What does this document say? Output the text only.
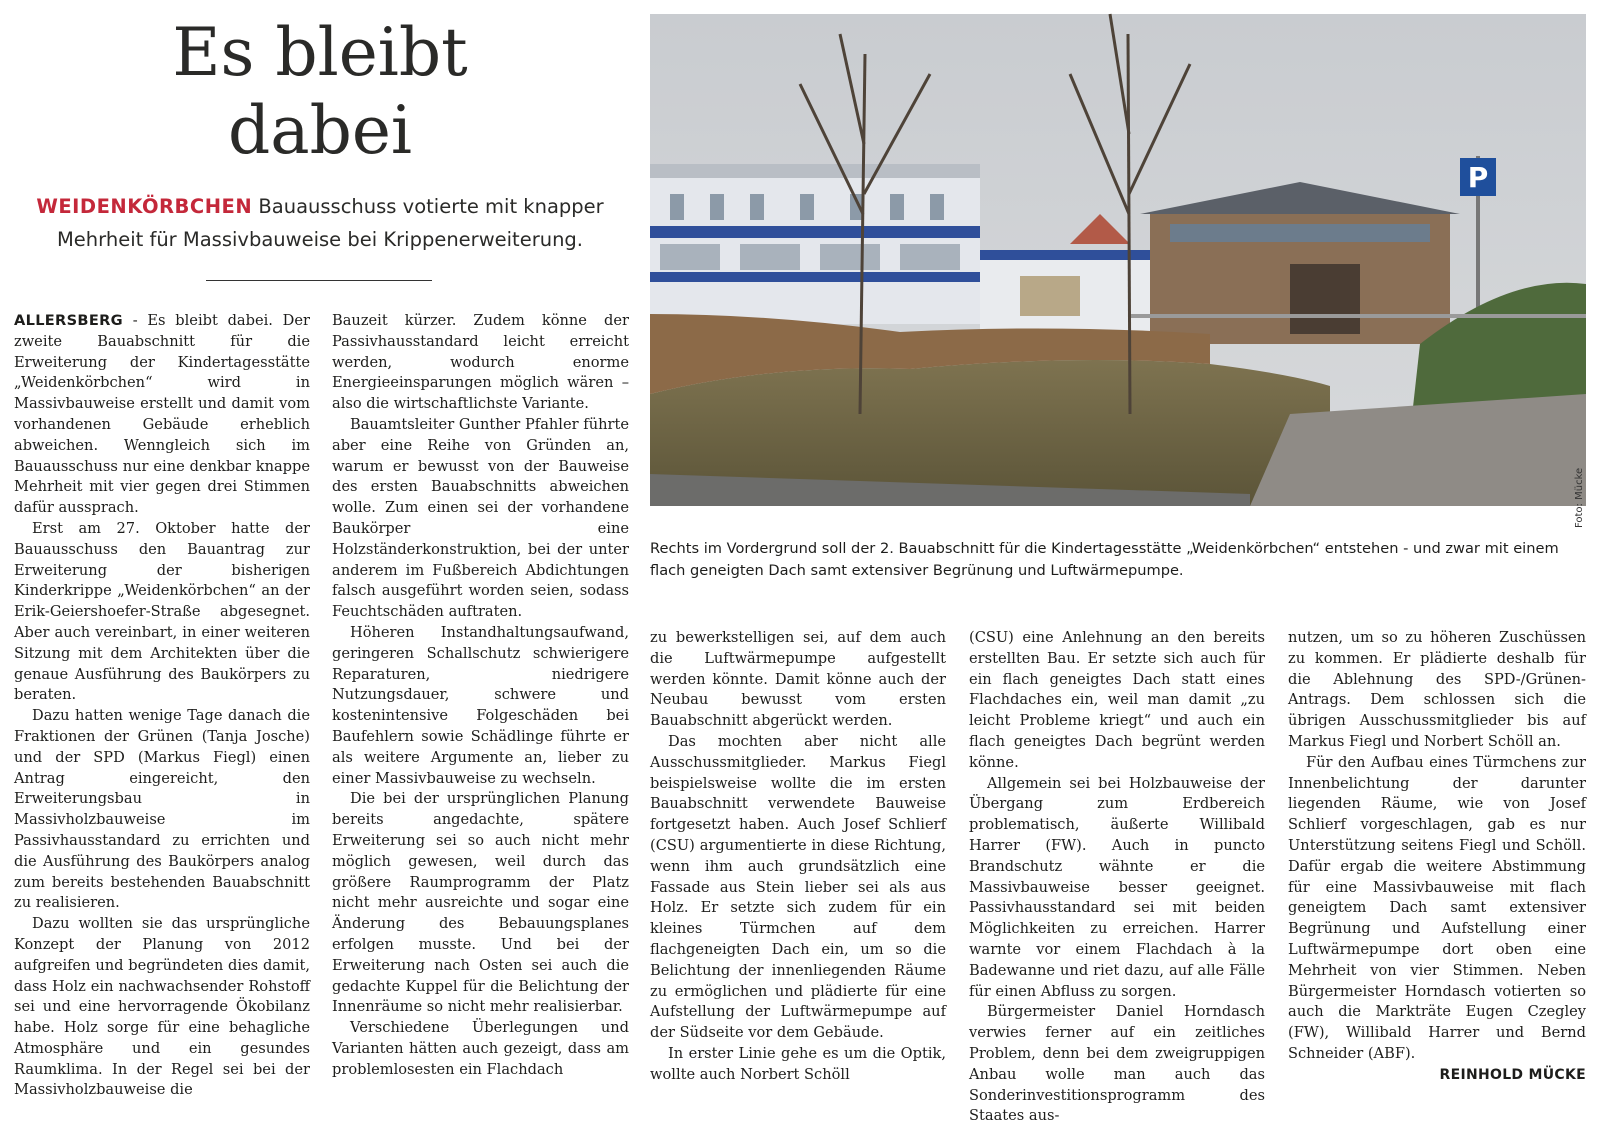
Es bleibt
dabei
WEIDENKÖRBCHEN Bauausschuss votierte mit knapper Mehrheit für Massivbauweise bei Krippenerweiterung.
P
Foto: Mücke

Rechts im Vordergrund soll der 2. Bauabschnitt für die Kindertagesstätte „Weidenkörbchen“ entstehen - und zwar mit einem flach geneigten Dach samt extensiver Begrünung und Luftwärmepumpe.

ALLERSBERG - Es bleibt dabei. Der zweite Bauabschnitt für die Erweiterung der Kindertagesstätte „Weidenkörbchen“ wird in Massivbauweise erstellt und damit vom vorhandenen Gebäude erheblich abweichen. Wenngleich sich im Bauausschuss nur eine denkbar knappe Mehrheit mit vier gegen drei Stimmen dafür aussprach.

Erst am 27. Oktober hatte der Bauausschuss den Bauantrag zur Erweiterung der bisherigen Kinderkrippe „Weidenkörbchen“ an der Erik-Geiershoefer-Straße abgesegnet. Aber auch vereinbart, in einer weiteren Sitzung mit dem Architekten über die genaue Ausführung des Baukörpers zu beraten.

Dazu hatten wenige Tage danach die Fraktionen der Grünen (Tanja Josche) und der SPD (Markus Fiegl) einen Antrag eingereicht, den Erweiterungsbau in Massivholzbauweise im Passivhausstandard zu errichten und die Ausführung des Baukörpers analog zum bereits bestehenden Bauabschnitt zu realisieren.

Dazu wollten sie das ursprüngliche Konzept der Planung von 2012 aufgreifen und begründeten dies damit, dass Holz ein nachwachsender Rohstoff sei und eine hervorragende Ökobilanz habe. Holz sorge für eine behagliche Atmosphäre und ein gesundes Raumklima. In der Regel sei bei der Massivholzbauweise die

Bauzeit kürzer. Zudem könne der Passivhausstandard leicht erreicht werden, wodurch enorme Energieeinsparungen möglich wären – also die wirtschaftlichste Variante.

Bauamtsleiter Gunther Pfahler führte aber eine Reihe von Gründen an, warum er bewusst von der Bauweise des ersten Bauabschnitts abweichen wolle. Zum einen sei der vorhandene Baukörper eine Holzständerkonstruktion, bei der unter anderem im Fußbereich Abdichtungen falsch ausgeführt worden seien, sodass Feuchtschäden auftraten.

Höheren Instandhaltungsaufwand, geringeren Schallschutz schwierigere Reparaturen, niedrigere Nutzungsdauer, schwere und kostenintensive Folgeschäden bei Baufehlern sowie Schädlinge führte er als weitere Argumente an, lieber zu einer Massivbauweise zu wechseln.

Die bei der ursprünglichen Planung bereits angedachte, spätere Erweiterung sei so auch nicht mehr möglich gewesen, weil durch das größere Raumprogramm der Platz nicht mehr ausreichte und sogar eine Änderung des Bebauungsplanes erfolgen musste. Und bei der Erweiterung nach Osten sei auch die gedachte Kuppel für die Belichtung der Innenräume so nicht mehr realisierbar.

Verschiedene Überlegungen und Varianten hätten auch gezeigt, dass am problemlosesten ein Flachdach

zu bewerkstelligen sei, auf dem auch die Luftwärmepumpe aufgestellt werden könnte. Damit könne auch der Neubau bewusst vom ersten Bauabschnitt abgerückt werden.

Das mochten aber nicht alle Ausschussmitglieder. Markus Fiegl beispielsweise wollte die im ersten Bauabschnitt verwendete Bauweise fortgesetzt haben. Auch Josef Schlierf (CSU) argumentierte in diese Richtung, wenn ihm auch grundsätzlich eine Fassade aus Stein lieber sei als aus Holz. Er setzte sich zudem für ein kleines Türmchen auf dem flachgeneigten Dach ein, um so die Belichtung der innenliegenden Räume zu ermöglichen und plädierte für eine Aufstellung der Luftwärmepumpe auf der Südseite vor dem Gebäude.

In erster Linie gehe es um die Optik, wollte auch Norbert Schöll

(CSU) eine Anlehnung an den bereits erstellten Bau. Er setzte sich auch für ein flach geneigtes Dach statt eines Flachdaches ein, weil man damit „zu leicht Probleme kriegt“ und auch ein flach geneigtes Dach begrünt werden könne.

Allgemein sei bei Holzbauweise der Übergang zum Erdbereich problematisch, äußerte Willibald Harrer (FW). Auch in puncto Brandschutz wähnte er die Massivbauweise besser geeignet. Passivhausstandard sei mit beiden Möglichkeiten zu erreichen. Harrer warnte vor einem Flachdach à la Badewanne und riet dazu, auf alle Fälle für einen Abfluss zu sorgen.

Bürgermeister Daniel Horndasch verwies ferner auf ein zeitliches Problem, denn bei dem zweigruppigen Anbau wolle man auch das Sonderinvestitionsprogramm des Staates aus-

nutzen, um so zu höheren Zuschüssen zu kommen. Er plädierte deshalb für die Ablehnung des SPD-/Grünen-Antrags. Dem schlossen sich die übrigen Ausschussmitglieder bis auf Markus Fiegl und Norbert Schöll an.

Für den Aufbau eines Türmchens zur Innenbelichtung der darunter liegenden Räume, wie von Josef Schlierf vorgeschlagen, gab es nur Unterstützung seitens Fiegl und Schöll. Dafür ergab die weitere Abstimmung für eine Massivbauweise mit flach geneigtem Dach samt extensiver Begrünung und Aufstellung einer Luftwärmepumpe dort oben eine Mehrheit von vier Stimmen. Neben Bürgermeister Horndasch votierten so auch die Markträte Eugen Czegley (FW), Willibald Harrer und Bernd Schneider (ABF).

REINHOLD MÜCKE
